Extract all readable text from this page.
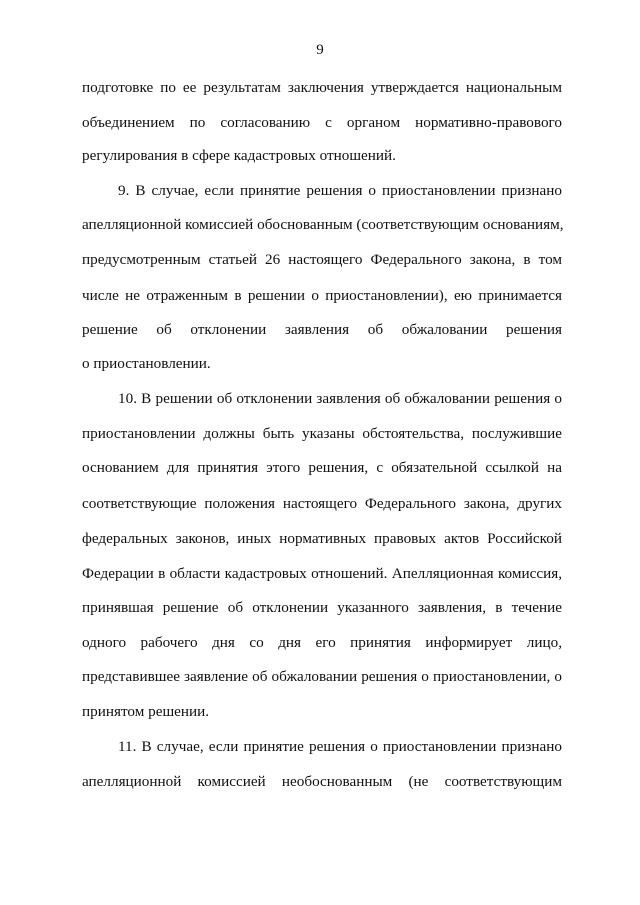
9
подготовке по ее результатам заключения утверждается национальным
объединением по согласованию с органом нормативно-правового
регулирования в сфере кадастровых отношений.
9. В случае, если принятие решения о приостановлении признано
апелляционной комиссией обоснованным (соответствующим основаниям,
предусмотренным статьей 26 настоящего Федерального закона, в том
числе не отраженным в решении о приостановлении), ею принимается
решение об отклонении заявления об обжаловании решения
о приостановлении.
10. В решении об отклонении заявления об обжаловании решения о
приостановлении должны быть указаны обстоятельства, послужившие
основанием для принятия этого решения, с обязательной ссылкой на
соответствующие положения настоящего Федерального закона, других
федеральных законов, иных нормативных правовых актов Российской
Федерации в области кадастровых отношений. Апелляционная комиссия,
принявшая решение об отклонении указанного заявления, в течение
одного рабочего дня со дня его принятия информирует лицо,
представившее заявление об обжаловании решения о приостановлении, о
принятом решении.
11. В случае, если принятие решения о приостановлении признано
апелляционной комиссией необоснованным (не соответствующим
